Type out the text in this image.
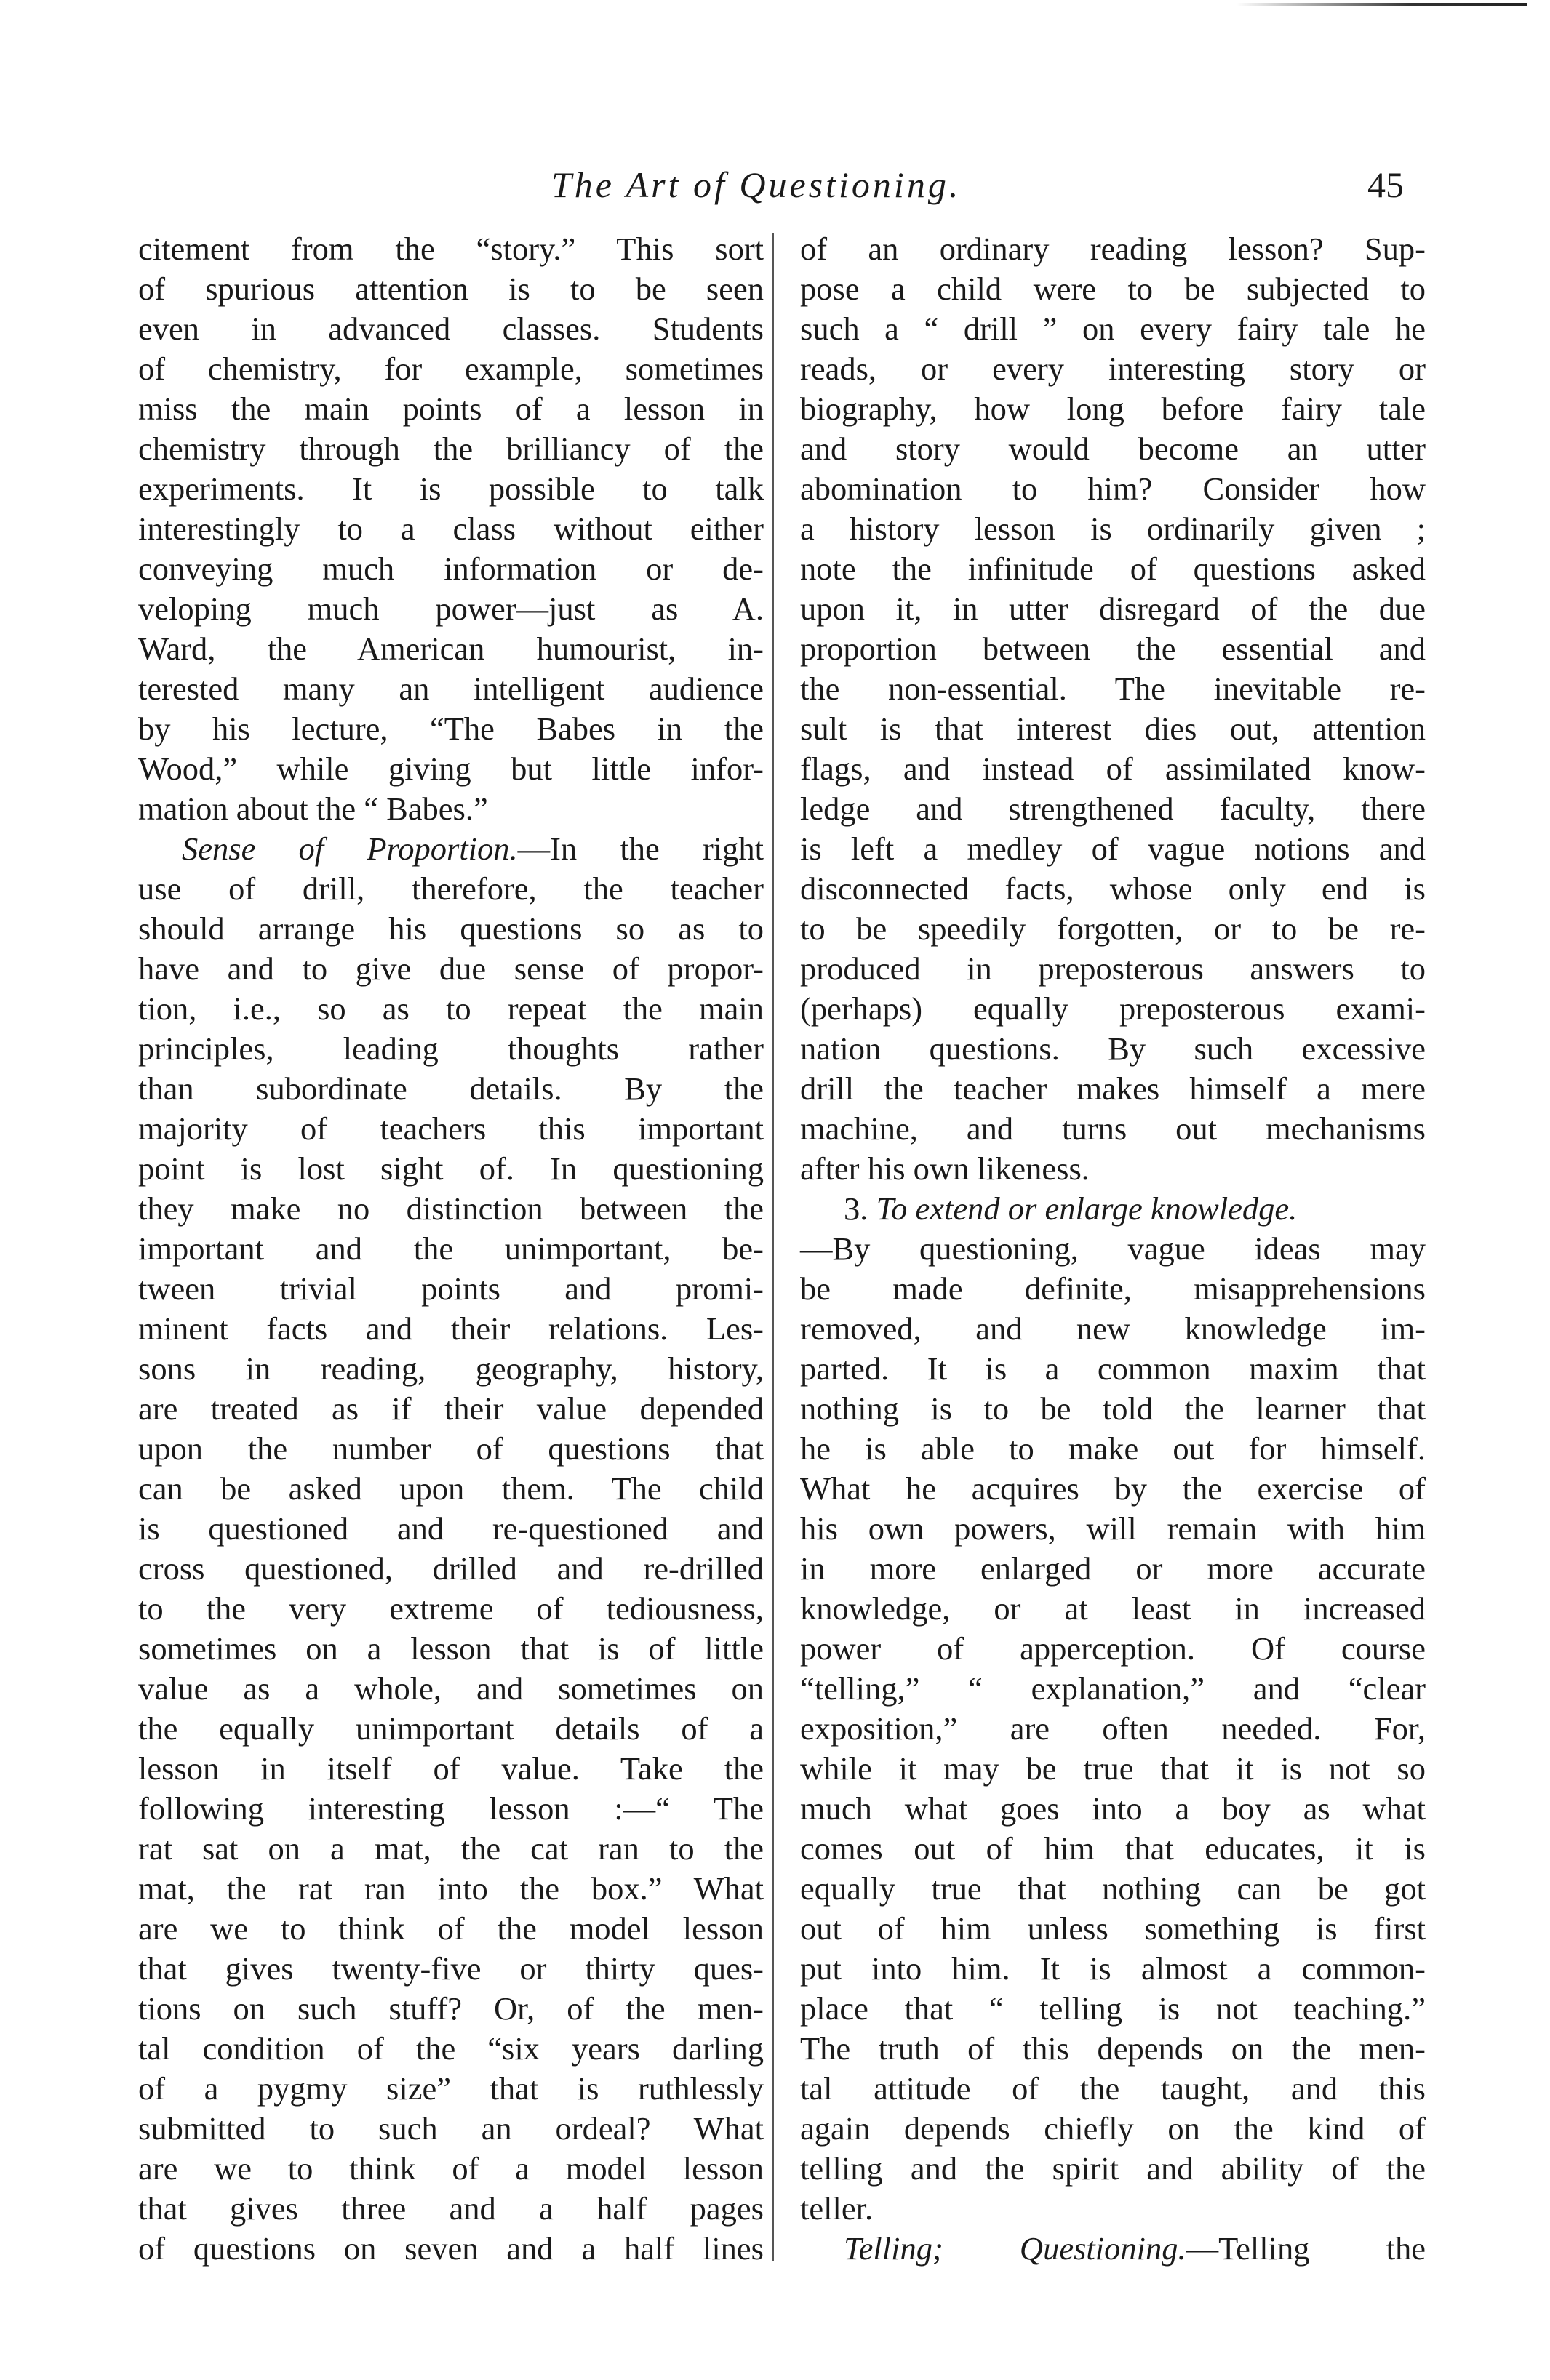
The Art of Questioning.	45
citement from the “story.” This sort
of spurious attention is to be seen
even in advanced classes. Students
of chemistry, for example, sometimes
miss the main points of a lesson in
chemistry through the brilliancy of the
experiments. It is possible to talk
interestingly to a class without either
conveying much information or de-
veloping much power—just as A.
Ward, the American humourist, in-
terested many an intelligent audience
by his lecture, “The Babes in the
Wood,” while giving but little infor-
mation about the “ Babes.”
Sense of Proportion.—In the right
use of drill, therefore, the teacher
should arrange his questions so as to
have and to give due sense of propor-
tion, i.e., so as to repeat the main
principles, leading thoughts rather
than subordinate details. By the
majority of teachers this important
point is lost sight of. In questioning
they make no distinction between the
important and the unimportant, be-
tween trivial points and promi-
minent facts and their relations. Les-
sons in reading, geography, history,
are treated as if their value depended
upon the number of questions that
can be asked upon them. The child
is questioned and re-questioned and
cross questioned, drilled and re-drilled
to the very extreme of tediousness,
sometimes on a lesson that is of little
value as a whole, and sometimes on
the equally unimportant details of a
lesson in itself of value. Take the
following interesting lesson :—“ The
rat sat on a mat, the cat ran to the
mat, the rat ran into the box.” What
are we to think of the model lesson
that gives twenty-five or thirty ques-
tions on such stuff? Or, of the men-
tal condition of the “six years darling
of a pygmy size” that is ruthlessly
submitted to such an ordeal? What
are we to think of a model lesson
that gives three and a half pages
of questions on seven and a half lines
of an ordinary reading lesson? Sup-
pose a child were to be subjected to
such a “ drill ” on every fairy tale he
reads, or every interesting story or
biography, how long before fairy tale
and story would become an utter
abomination to him? Consider how
a history lesson is ordinarily given ;
note the infinitude of questions asked
upon it, in utter disregard of the due
proportion between the essential and
the non-essential. The inevitable re-
sult is that interest dies out, attention
flags, and instead of assimilated know-
ledge and strengthened faculty, there
is left a medley of vague notions and
disconnected facts, whose only end is
to be speedily forgotten, or to be re-
produced in preposterous answers to
(perhaps) equally preposterous exami-
nation questions. By such excessive
drill the teacher makes himself a mere
machine, and turns out mechanisms
after his own likeness.
3. To extend or enlarge knowledge.
—By questioning, vague ideas may
be made definite, misapprehensions
removed, and new knowledge im-
parted. It is a common maxim that
nothing is to be told the learner that
he is able to make out for himself.
What he acquires by the exercise of
his own powers, will remain with him
in more enlarged or more accurate
knowledge, or at least in increased
power of apperception. Of course
“telling,” “ explanation,” and “clear
exposition,” are often needed. For,
while it may be true that it is not so
much what goes into a boy as what
comes out of him that educates, it is
equally true that nothing can be got
out of him unless something is first
put into him. It is almost a common-
place that “ telling is not teaching.”
The truth of this depends on the men-
tal attitude of the taught, and this
again depends chiefly on the kind of
telling and the spirit and ability of the
teller.
Telling; Questioning.—Telling the
